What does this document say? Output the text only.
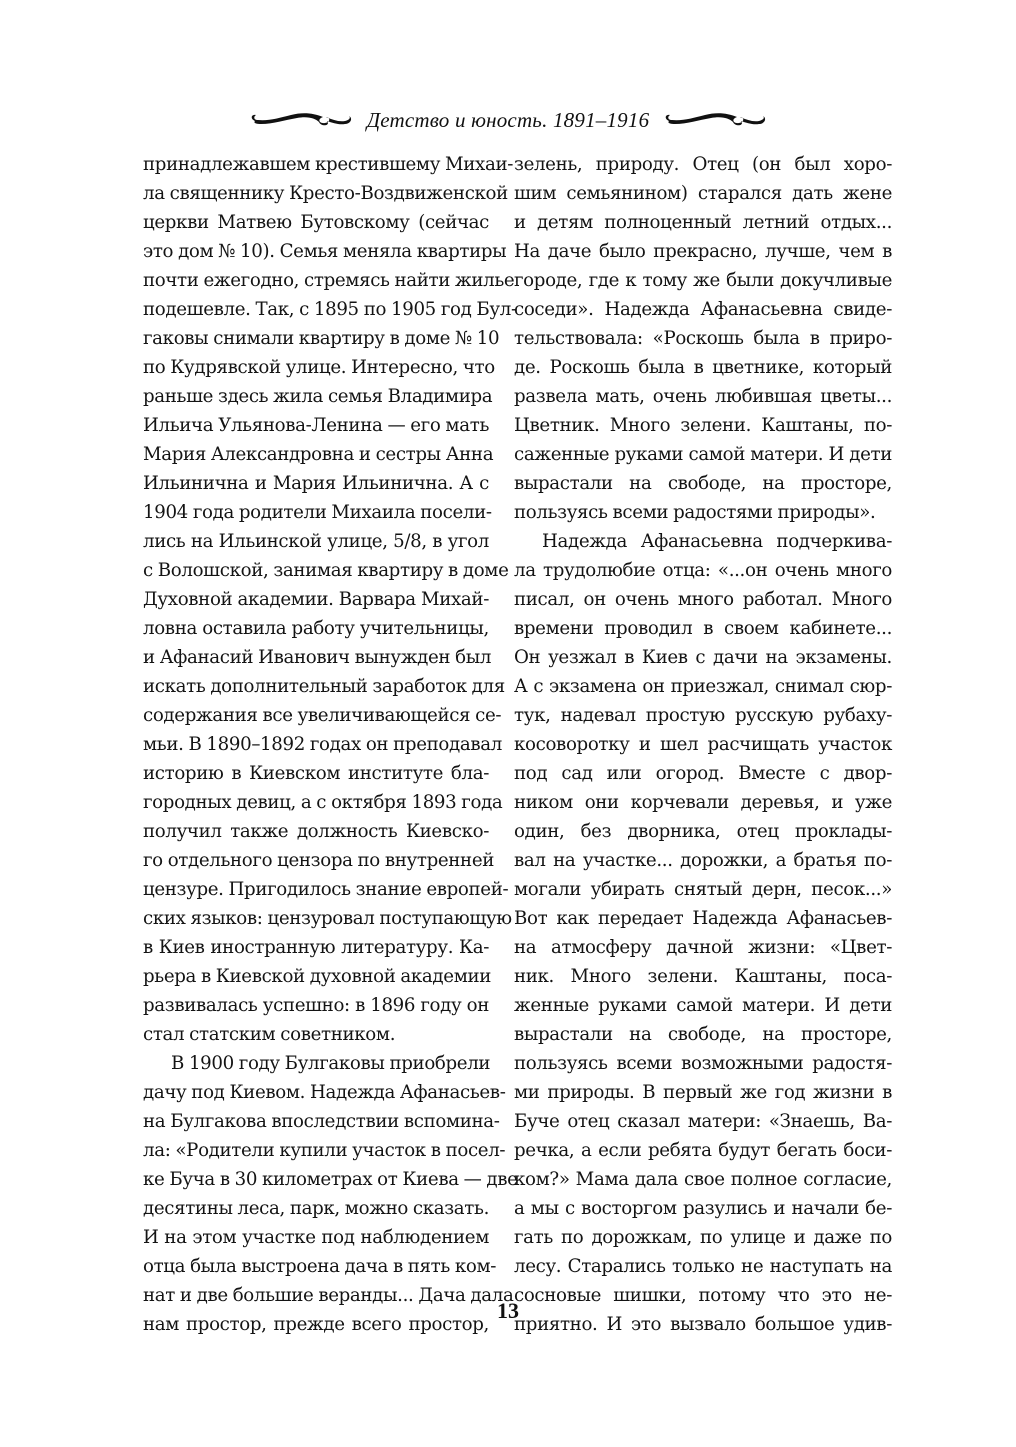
Детство и юность. 1891–1916
принадлежавшем крестившему Михаи-
ла священнику Кресто-Воздвиженской
церкви Матвею Бутовскому (сейчас
это дом № 10). Семья меняла квартиры
почти ежегодно, стремясь найти жилье
подешевле. Так, с 1895 по 1905 год Бул-
гаковы снимали квартиру в доме № 10
по Кудрявской улице. Интересно, что
раньше здесь жила семья Владимира
Ильича Ульянова-Ленина — его мать
Мария Александровна и сестры Анна
Ильинична и Мария Ильинична. А с
1904 года родители Михаила посели-
лись на Ильинской улице, 5/8, в угол
с Волошской, занимая квартиру в доме
Духовной академии. Варвара Михай-
ловна оставила работу учительницы,
и Афанасий Иванович вынужден был
искать дополнительный заработок для
содержания все увеличивающейся се-
мьи. В 1890–1892 годах он преподавал
историю в Киевском институте бла-
городных девиц, а с октября 1893 года
получил также должность Киевско-
го отдельного цензора по внутренней
цензуре. Пригодилось знание европей-
ских языков: цензуровал поступающую
в Киев иностранную литературу. Ка-
рьера в Киевской духовной академии
развивалась успешно: в 1896 году он
стал статским советником.
В 1900 году Булгаковы приобрели
дачу под Киевом. Надежда Афанасьев-
на Булгакова впоследствии вспомина-
ла: «Родители купили участок в посел-
ке Буча в 30 километрах от Киева — две
десятины леса, парк, можно сказать.
И на этом участке под наблюдением
отца была выстроена дача в пять ком-
нат и две большие веранды... Дача дала
нам простор, прежде всего простор,
зелень, природу. Отец (он был хоро-
шим семьянином) старался дать жене
и детям полноценный летний отдых...
На даче было прекрасно, лучше, чем в
городе, где к тому же были докучливые
соседи». Надежда Афанасьевна свиде-
тельствовала: «Роскошь была в приро-
де. Роскошь была в цветнике, который
развела мать, очень любившая цветы...
Цветник. Много зелени. Каштаны, по-
саженные руками самой матери. И дети
вырастали на свободе, на просторе,
пользуясь всеми радостями природы».
Надежда Афанасьевна подчеркива-
ла трудолюбие отца: «...он очень много
писал, он очень много работал. Много
времени проводил в своем кабинете...
Он уезжал в Киев с дачи на экзамены.
А с экзамена он приезжал, снимал сюр-
тук, надевал простую русскую рубаху-
косоворотку и шел расчищать участок
под сад или огород. Вместе с двор-
ником они корчевали деревья, и уже
один, без дворника, отец проклады-
вал на участке... дорожки, а братья по-
могали убирать снятый дерн, песок...»
Вот как передает Надежда Афанасьев-
на атмосферу дачной жизни: «Цвет-
ник. Много зелени. Каштаны, поса-
женные руками самой матери. И дети
вырастали на свободе, на просторе,
пользуясь всеми возможными радостя-
ми природы. В первый же год жизни в
Буче отец сказал матери: «Знаешь, Ва-
речка, а если ребята будут бегать боси-
ком?» Мама дала свое полное согласие,
а мы с восторгом разулись и начали бе-
гать по дорожкам, по улице и даже по
лесу. Старались только не наступать на
сосновые шишки, потому что это не-
приятно. И это вызвало большое удив-
13
